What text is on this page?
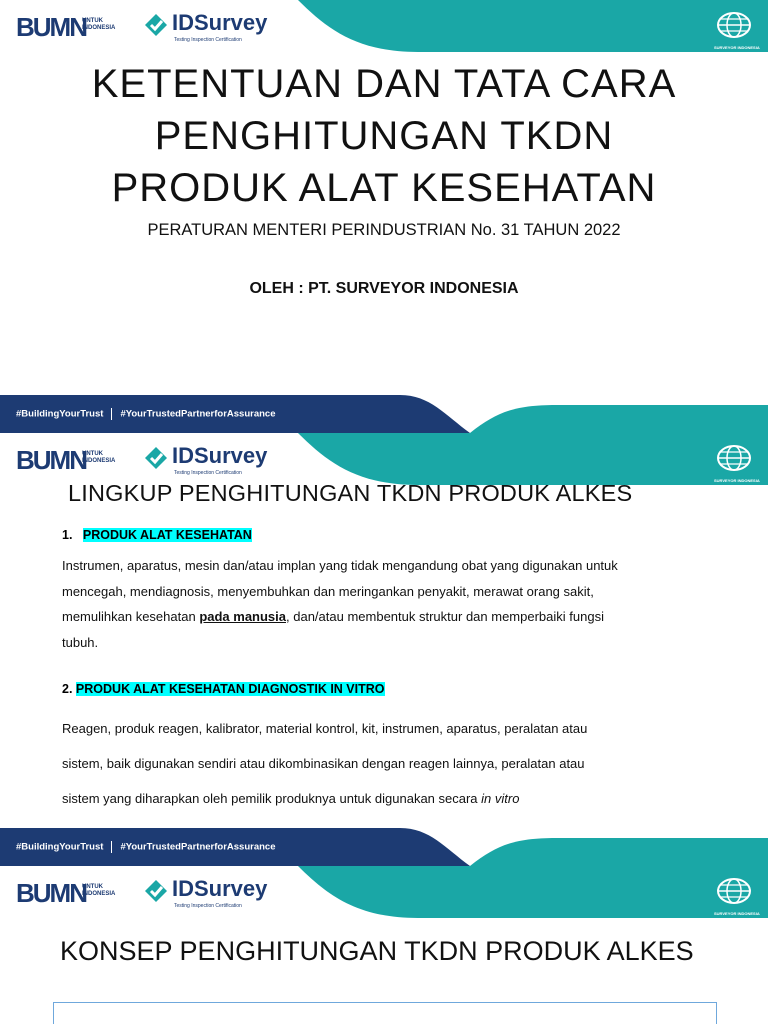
BUMN
UNTUK
INDONESIA	IDSurvey
Testing Inspection Certification
SURVEYOR INDONESIA
KETENTUAN DAN TATA CARA
PENGHITUNGAN TKDN
PRODUK ALAT KESEHATAN
PERATURAN MENTERI PERINDUSTRIAN No. 31 TAHUN 2022
OLEH : PT. SURVEYOR INDONESIA
#BuildingYourTrust #YourTrustedPartnerforAssurance
BUMN
UNTUK
INDONESIA	IDSurvey
Testing Inspection Certification
SURVEYOR INDONESIA
LINGKUP PENGHITUNGAN TKDN PRODUK ALKES
1. PRODUK ALAT KESEHATAN
Instrumen, aparatus, mesin dan/atau implan yang tidak mengandung obat yang digunakan untuk mencegah, mendiagnosis, menyembuhkan dan meringankan penyakit, merawat orang sakit, memulihkan kesehatan pada manusia, dan/atau membentuk struktur dan memperbaiki fungsi tubuh.
2. PRODUK ALAT KESEHATAN DIAGNOSTIK IN VITRO
Reagen, produk reagen, kalibrator, material kontrol, kit, instrumen, aparatus, peralatan atau sistem, baik digunakan sendiri atau dikombinasikan dengan reagen lainnya, peralatan atau sistem yang diharapkan oleh pemilik produknya untuk digunakan secara in vitro
#BuildingYourTrust #YourTrustedPartnerforAssurance
BUMN
UNTUK
INDONESIA	IDSurvey
Testing Inspection Certification
SURVEYOR INDONESIA
KONSEP PENGHITUNGAN TKDN PRODUK ALKES
